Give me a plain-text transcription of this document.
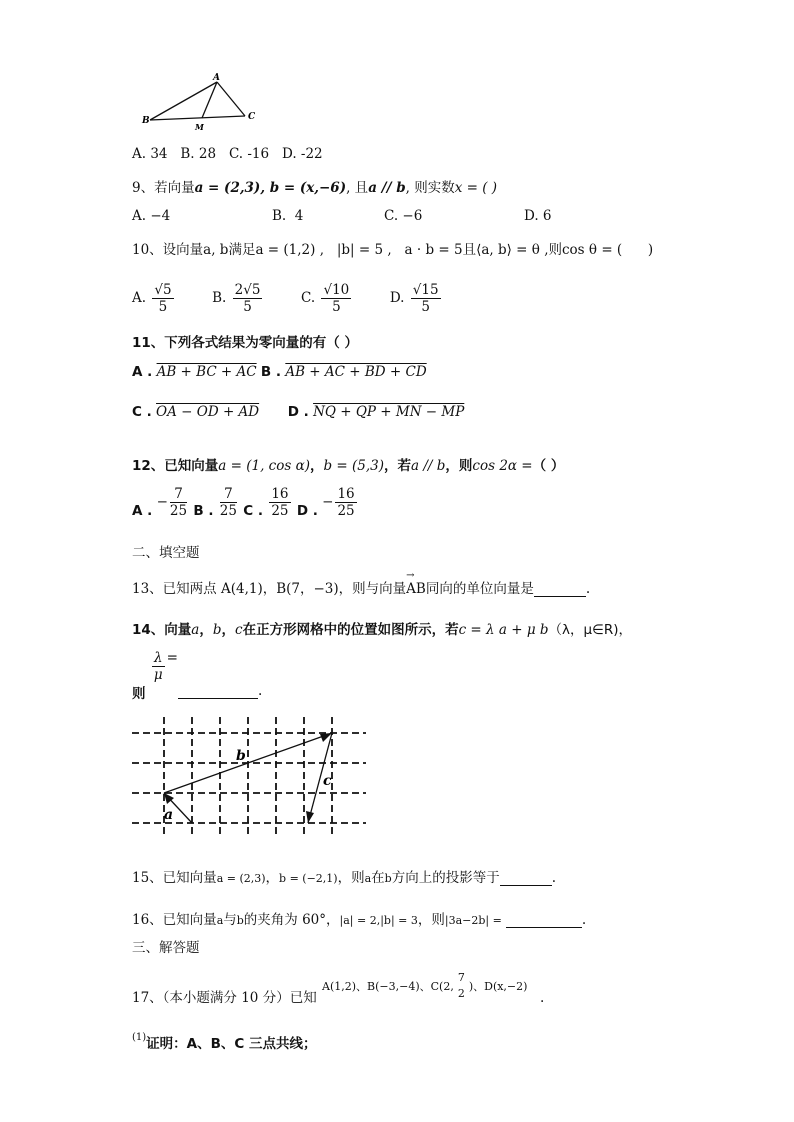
A
B	C
M
A. 34   B. 28   C. -16   D. -22
9、若向量a = (2,3), b = (x,−6), 且a // b, 则实数x = ( )
A. −4	B.  4	C. −6	D. 6
10、设向量a, b满足a = (1,2) ,   |b| = 5 ,   a · b = 5且⟨a, b⟩ = θ ,则cos θ = (      )
A. $\frac{√5}{5}$	B. $\frac{2√5}{5}$	C. $\frac{√10}{5}$	D. $\frac{√15}{5}$
11、下列各式结果为零向量的有（ ）
A . AB + BC + AC B . AB + AC + BD + CD
C . OA − OD + AD D . NQ + QP + MN − MP
12、已知向量a = (1, cos α)，b = (5,3)，若a // b，则cos 2α =（ ）
A . − $\frac{7}{25}$ B . $\frac{7}{25}$ C . $\frac{16}{25}$ D . − $\frac{16}{25}$
二、填空题
13、已知两点 A(4,1)，B(7，−3)，则与向量→ AB同向的单位向量是	.
14、向量a，b，c在正方形网格中的位置如图所示，若c = λ a + μ b（λ，μ∈R)，
$\frac{\lambda}{\mu}$ =
则	.
a
b
c
15、已知向量a = (2,3)，b = (−2,1)，则a在b方向上的投影等于	.
16、已知向量a与b的夹角为 60°，|a| = 2,|b| = 3，则|3a−2b| =	.
三、解答题
17、（本小题满分 10 分）已知
A(1,2)、B(−3,−4)、C(2,
7
2
)、D(x,−2)
.
$^{(1)}$证明：A、B、C 三点共线；
